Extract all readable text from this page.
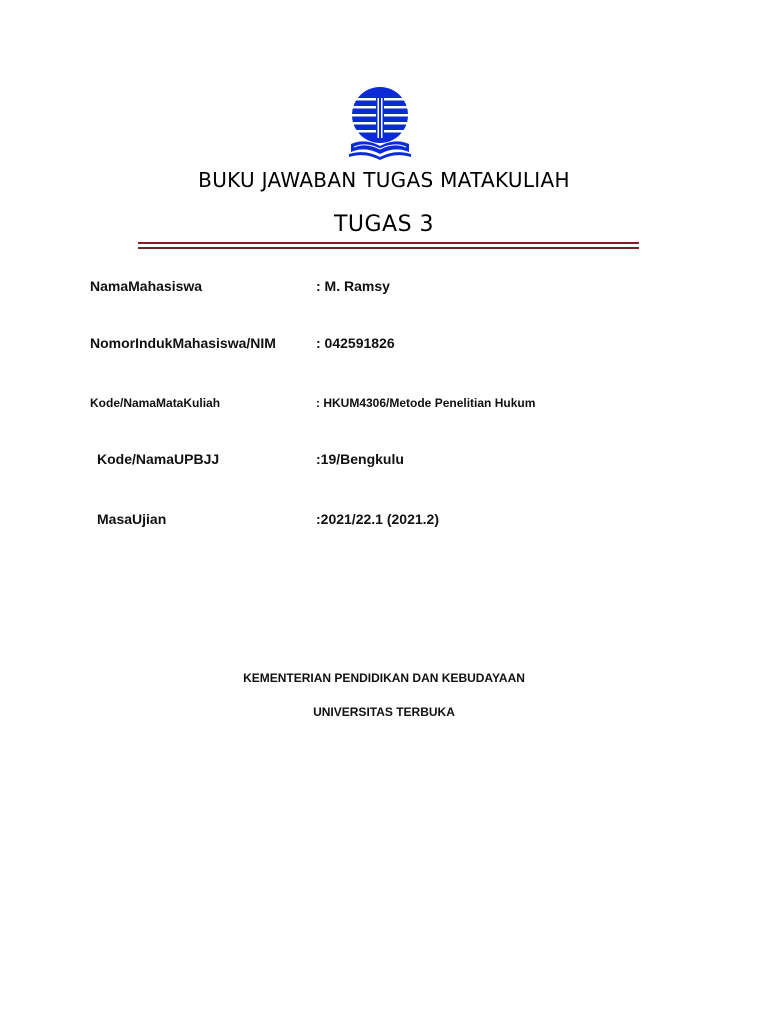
BUKU JAWABAN TUGAS MATAKULIAH
TUGAS 3
NamaMahasiswa	: M. Ramsy
NomorIndukMahasiswa/NIM	: 042591826
Kode/NamaMataKuliah	: HKUM4306/Metode Penelitian Hukum
Kode/NamaUPBJJ	:19/Bengkulu
MasaUjian	:2021/22.1 (2021.2)
KEMENTERIAN PENDIDIKAN DAN KEBUDAYAAN
UNIVERSITAS TERBUKA
